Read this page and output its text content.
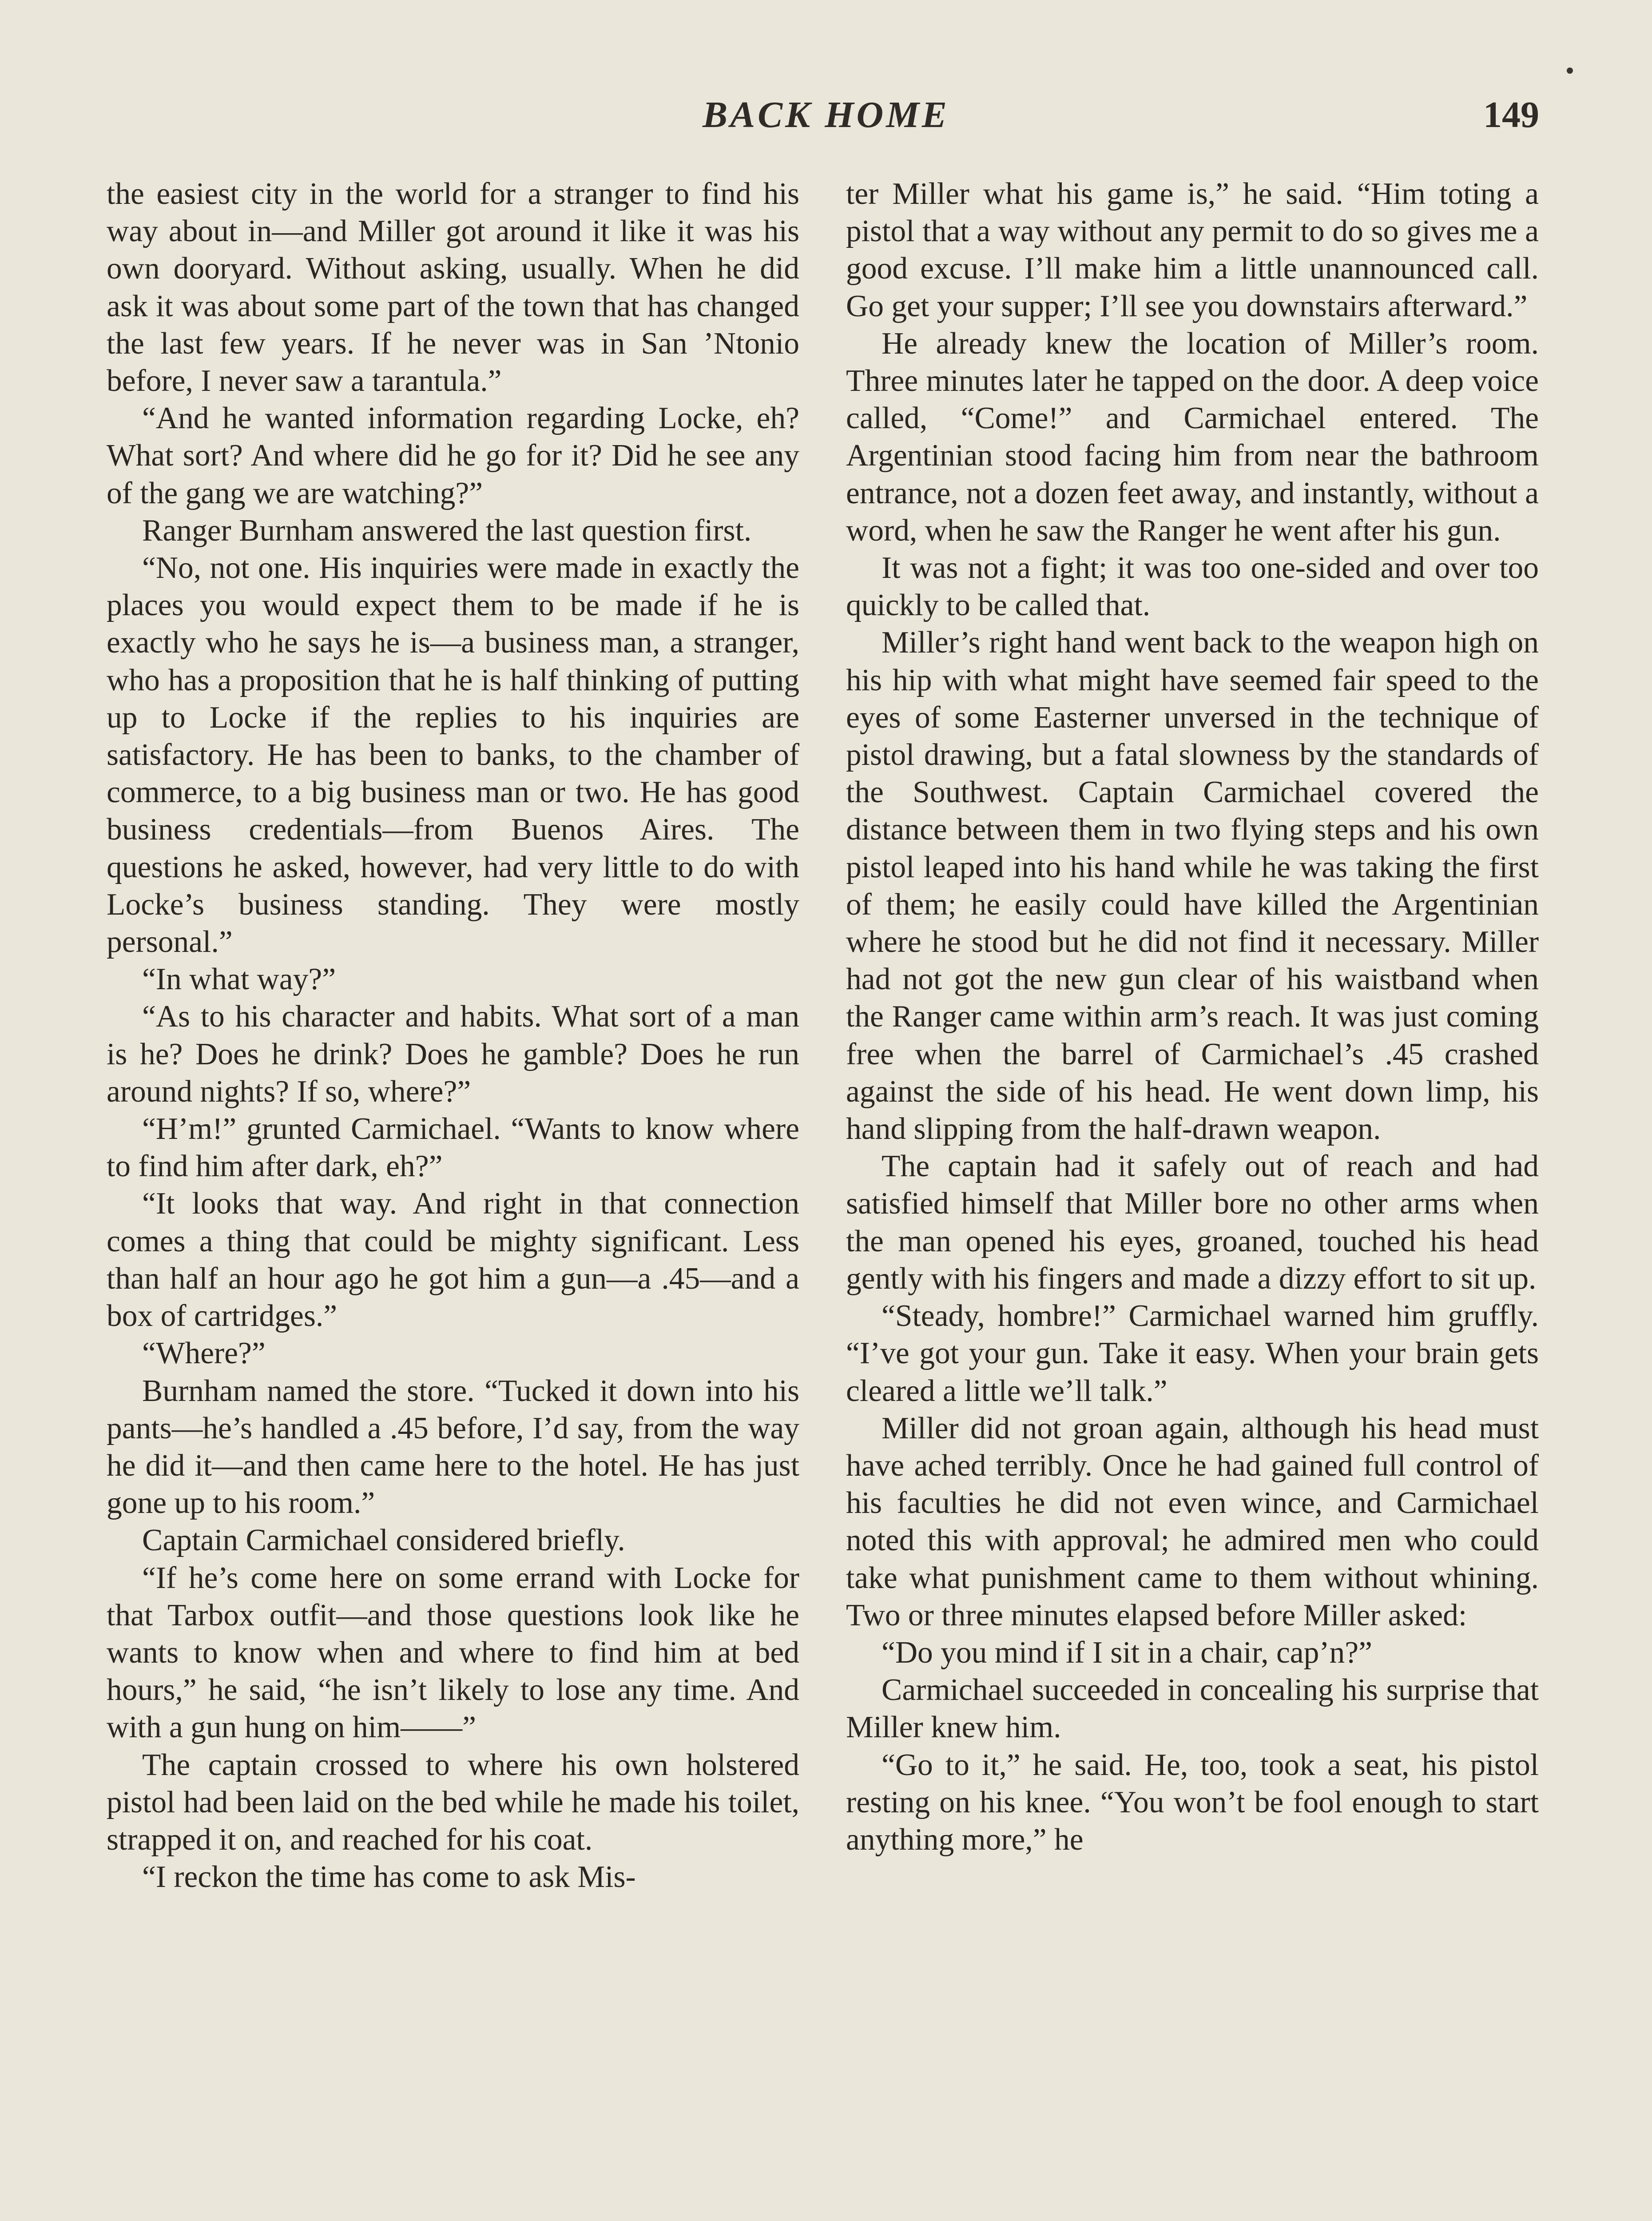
BACK HOME	149

the easiest city in the world for a stranger to find his way about in—and Miller got around it like it was his own dooryard. Without asking, usually. When he did ask it was about some part of the town that has changed the last few years. If he never was in San ’Ntonio before, I never saw a tarantula.”

“And he wanted information regarding Locke, eh? What sort? And where did he go for it? Did he see any of the gang we are watching?”

Ranger Burnham answered the last question first.

“No, not one. His inquiries were made in exactly the places you would expect them to be made if he is exactly who he says he is—a business man, a stranger, who has a proposition that he is half thinking of putting up to Locke if the replies to his inquiries are satisfactory. He has been to banks, to the chamber of commerce, to a big business man or two. He has good business credentials—from Buenos Aires. The questions he asked, however, had very little to do with Locke’s business standing. They were mostly personal.”

“In what way?”

“As to his character and habits. What sort of a man is he? Does he drink? Does he gamble? Does he run around nights? If so, where?”

“H’m!” grunted Carmichael. “Wants to know where to find him after dark, eh?”

“It looks that way. And right in that connection comes a thing that could be mighty significant. Less than half an hour ago he got him a gun—a .45—and a box of cartridges.”

“Where?”

Burnham named the store. “Tucked it down into his pants—he’s handled a .45 before, I’d say, from the way he did it—and then came here to the hotel. He has just gone up to his room.”

Captain Carmichael considered briefly.

“If he’s come here on some errand with Locke for that Tarbox outfit—and those questions look like he wants to know when and where to find him at bed hours,” he said, “he isn’t likely to lose any time. And with a gun hung on him——”

The captain crossed to where his own holstered pistol had been laid on the bed while he made his toilet, strapped it on, and reached for his coat.

“I reckon the time has come to ask Mis-

ter Miller what his game is,” he said. “Him toting a pistol that a way without any permit to do so gives me a good excuse. I’ll make him a little unannounced call. Go get your supper; I’ll see you downstairs afterward.”

He already knew the location of Miller’s room. Three minutes later he tapped on the door. A deep voice called, “Come!” and Carmichael entered. The Argentinian stood facing him from near the bathroom entrance, not a dozen feet away, and instantly, without a word, when he saw the Ranger he went after his gun.

It was not a fight; it was too one-sided and over too quickly to be called that.

Miller’s right hand went back to the weapon high on his hip with what might have seemed fair speed to the eyes of some Easterner unversed in the technique of pistol drawing, but a fatal slowness by the standards of the Southwest. Captain Carmichael covered the distance between them in two flying steps and his own pistol leaped into his hand while he was taking the first of them; he easily could have killed the Argentinian where he stood but he did not find it necessary. Miller had not got the new gun clear of his waistband when the Ranger came within arm’s reach. It was just coming free when the barrel of Carmichael’s .45 crashed against the side of his head. He went down limp, his hand slipping from the half-drawn weapon.

The captain had it safely out of reach and had satisfied himself that Miller bore no other arms when the man opened his eyes, groaned, touched his head gently with his fingers and made a dizzy effort to sit up.

“Steady, hombre!” Carmichael warned him gruffly. “I’ve got your gun. Take it easy. When your brain gets cleared a little we’ll talk.”

Miller did not groan again, although his head must have ached terribly. Once he had gained full control of his faculties he did not even wince, and Carmichael noted this with approval; he admired men who could take what punishment came to them without whining. Two or three minutes elapsed before Miller asked:

“Do you mind if I sit in a chair, cap’n?”

Carmichael succeeded in concealing his surprise that Miller knew him.

“Go to it,” he said. He, too, took a seat, his pistol resting on his knee. “You won’t be fool enough to start anything more,” he
